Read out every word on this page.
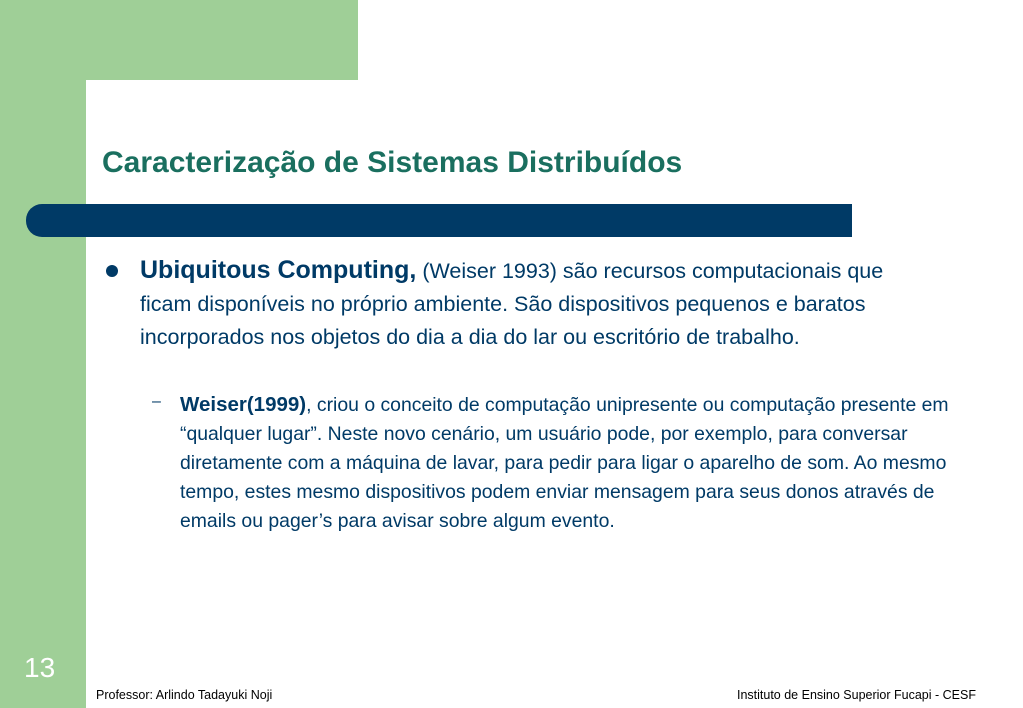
Caracterização de Sistemas Distribuídos

Ubiquitous Computing, (Weiser 1993) são recursos computacionais que ficam disponíveis no próprio ambiente. São dispositivos pequenos e baratos incorporados nos objetos do dia a dia do lar ou escritório de trabalho.

– Weiser(1999), criou o conceito de computação unipresente ou computação presente em “qualquer lugar”. Neste novo cenário, um usuário pode, por exemplo, para conversar diretamente com a máquina de lavar, para pedir para ligar o aparelho de som. Ao mesmo tempo, estes mesmo dispositivos podem enviar mensagem para seus donos através de emails ou pager’s para avisar sobre algum evento.

13
Professor: Arlindo Tadayuki Noji	Instituto de Ensino Superior Fucapi - CESF
